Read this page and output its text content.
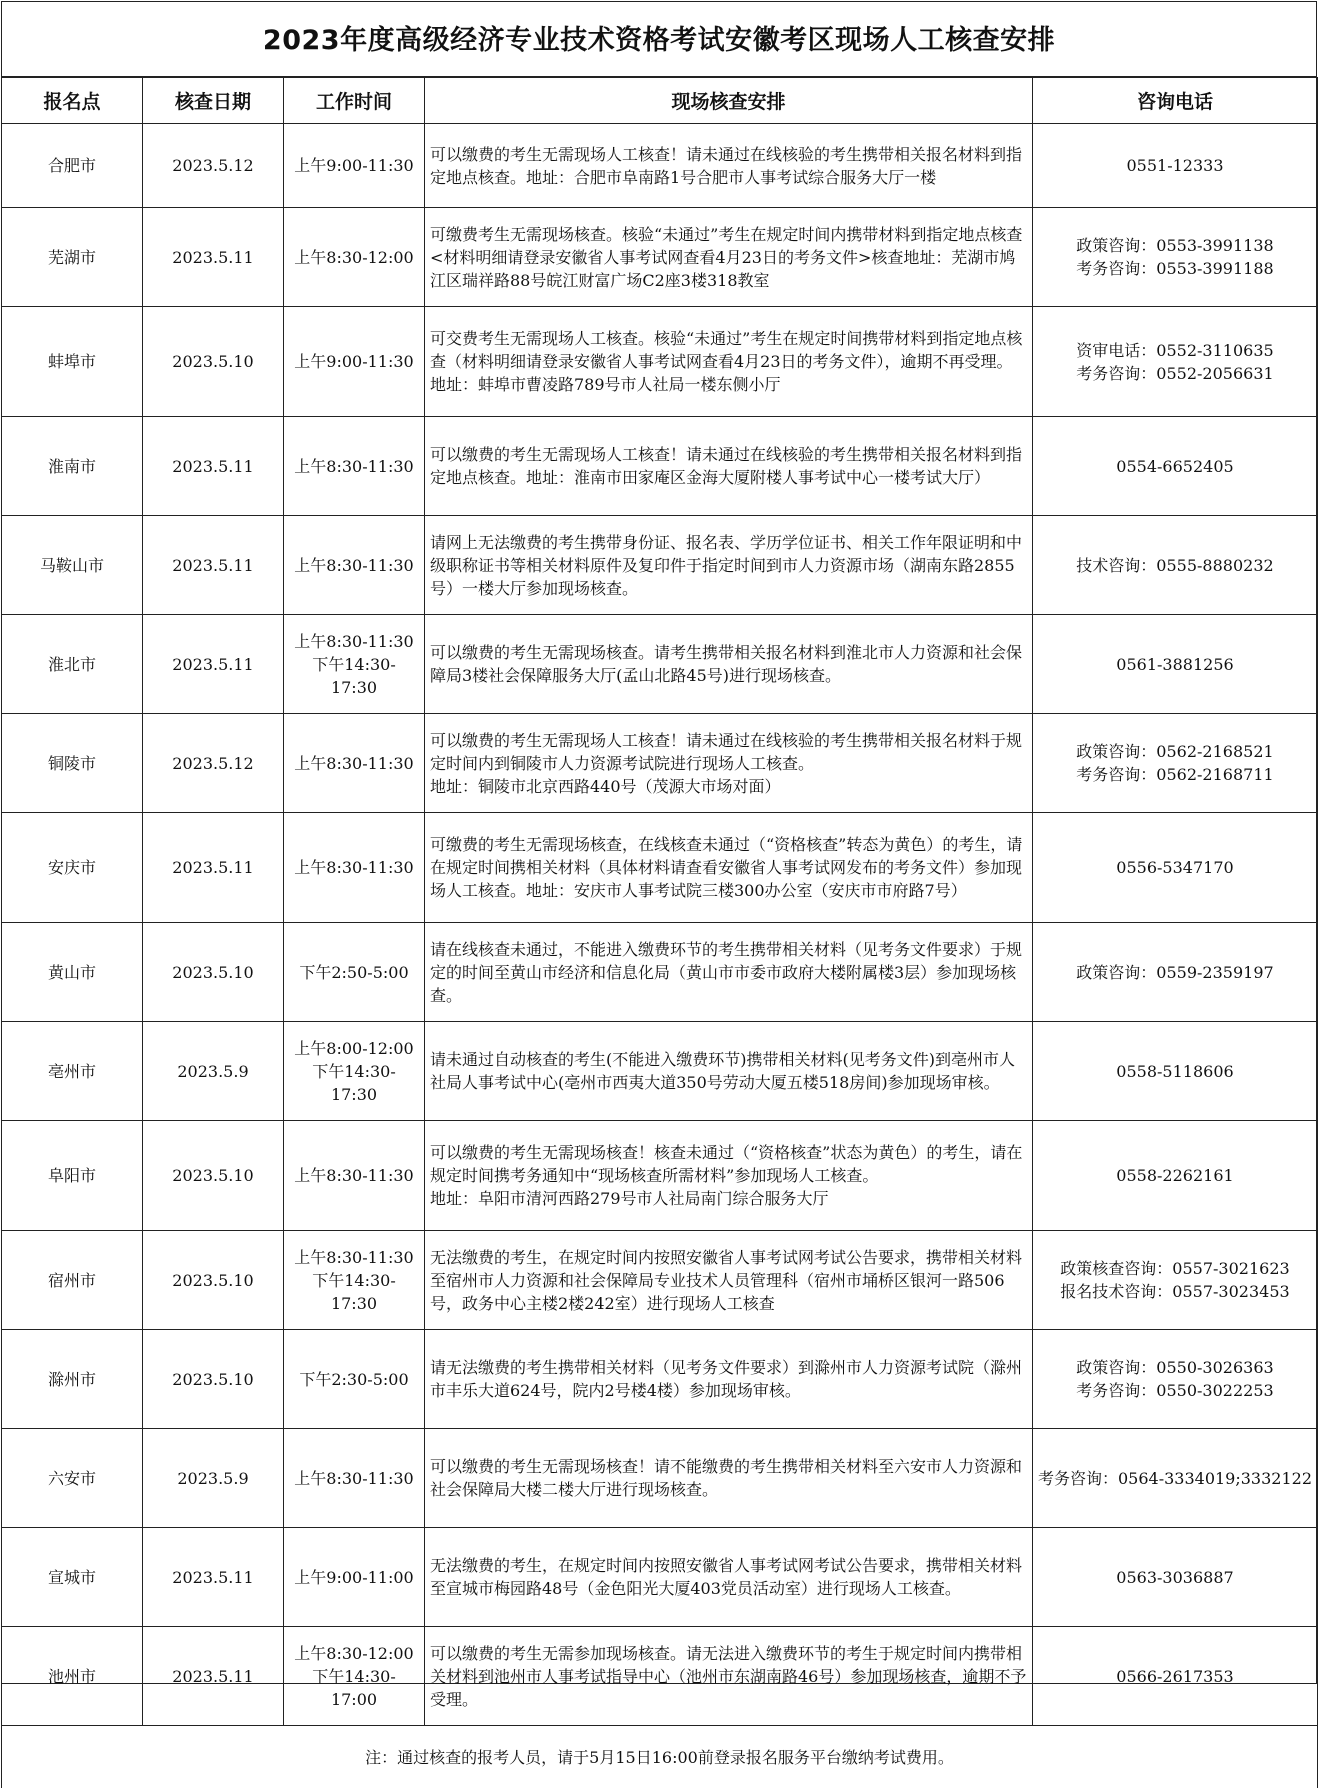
2023年度高级经济专业技术资格考试安徽考区现场人工核查安排
报名点	核查日期	工作时间	现场核查安排	咨询电话
合肥市	2023.5.12	上午9:00-11:30	可以缴费的考生无需现场人工核查！请未通过在线核验的考生携带相关报名材料到指定地点核查。地址：合肥市阜南路1号合肥市人事考试综合服务大厅一楼	0551-12333

芜湖市	2023.5.11	上午8:30-12:00	可缴费考生无需现场核查。核验“未通过”考生在规定时间内携带材料到指定地点核查<材料明细请登录安徽省人事考试网查看4月23日的考务文件>核查地址：芜湖市鸠江区瑞祥路88号皖江财富广场C2座3楼318教室	政策咨询：0553-3991138
考务咨询：0553-3991188

蚌埠市	2023.5.10	上午9:00-11:30	可交费考生无需现场人工核查。核验“未通过”考生在规定时间携带材料到指定地点核查（材料明细请登录安徽省人事考试网查看4月23日的考务文件），逾期不再受理。
地址：蚌埠市曹凌路789号市人社局一楼东侧小厅	资审电话：0552-3110635
考务咨询：0552-2056631

淮南市	2023.5.11	上午8:30-11:30	可以缴费的考生无需现场人工核查！请未通过在线核验的考生携带相关报名材料到指定地点核查。地址：淮南市田家庵区金海大厦附楼人事考试中心一楼考试大厅）	0554-6652405

马鞍山市	2023.5.11	上午8:30-11:30	请网上无法缴费的考生携带身份证、报名表、学历学位证书、相关工作年限证明和中级职称证书等相关材料原件及复印件于指定时间到市人力资源市场（湖南东路2855号）一楼大厅参加现场核查。	技术咨询：0555-8880232

淮北市	2023.5.11	上午8:30-11:30
下午14:30-
17:30	可以缴费的考生无需现场核查。请考生携带相关报名材料到淮北市人力资源和社会保障局3楼社会保障服务大厅(孟山北路45号)进行现场核查。	0561-3881256

铜陵市	2023.5.12	上午8:30-11:30	可以缴费的考生无需现场人工核查！请未通过在线核验的考生携带相关报名材料于规定时间内到铜陵市人力资源考试院进行现场人工核查。
地址：铜陵市北京西路440号（茂源大市场对面）	政策咨询：0562-2168521
考务咨询：0562-2168711

安庆市	2023.5.11	上午8:30-11:30	可缴费的考生无需现场核查，在线核查未通过（“资格核查”转态为黄色）的考生，请在规定时间携相关材料（具体材料请查看安徽省人事考试网发布的考务文件）参加现场人工核查。地址：安庆市人事考试院三楼300办公室（安庆市市府路7号）	0556-5347170

黄山市	2023.5.10	下午2:50-5:00	请在线核查未通过，不能进入缴费环节的考生携带相关材料（见考务文件要求）于规定的时间至黄山市经济和信息化局（黄山市市委市政府大楼附属楼3层）参加现场核查。	政策咨询：0559-2359197

亳州市	2023.5.9	上午8:00-12:00
下午14:30-
17:30	请未通过自动核查的考生(不能进入缴费环节)携带相关材料(见考务文件)到亳州市人社局人事考试中心(亳州市西夷大道350号劳动大厦五楼518房间)参加现场审核。	0558-5118606

阜阳市	2023.5.10	上午8:30-11:30	可以缴费的考生无需现场核查！核查未通过（“资格核查”状态为黄色）的考生，请在规定时间携考务通知中“现场核查所需材料”参加现场人工核查。
地址：阜阳市清河西路279号市人社局南门综合服务大厅	0558-2262161

宿州市	2023.5.10	上午8:30-11:30
下午14:30-
17:30	无法缴费的考生，在规定时间内按照安徽省人事考试网考试公告要求，携带相关材料至宿州市人力资源和社会保障局专业技术人员管理科（宿州市埇桥区银河一路506号，政务中心主楼2楼242室）进行现场人工核查	政策核查咨询：0557-3021623
报名技术咨询：0557-3023453

滁州市	2023.5.10	下午2:30-5:00	请无法缴费的考生携带相关材料（见考务文件要求）到滁州市人力资源考试院（滁州市丰乐大道624号，院内2号楼4楼）参加现场审核。	政策咨询：0550-3026363
考务咨询：0550-3022253

六安市	2023.5.9	上午8:30-11:30	可以缴费的考生无需现场核查！请不能缴费的考生携带相关材料至六安市人力资源和社会保障局大楼二楼大厅进行现场核查。	考务咨询：0564-3334019;3332122

宣城市	2023.5.11	上午9:00-11:00	无法缴费的考生，在规定时间内按照安徽省人事考试网考试公告要求，携带相关材料至宣城市梅园路48号（金色阳光大厦403党员活动室）进行现场人工核查。	0563-3036887

池州市	2023.5.11	上午8:30-12:00
下午14:30-
17:00	可以缴费的考生无需参加现场核查。请无法进入缴费环节的考生于规定时间内携带相关材料到池州市人事考试指导中心（池州市东湖南路46号）参加现场核查，逾期不予受理。	0566-2617353

注：通过核查的报考人员，请于5月15日16:00前登录报名服务平台缴纳考试费用。				
